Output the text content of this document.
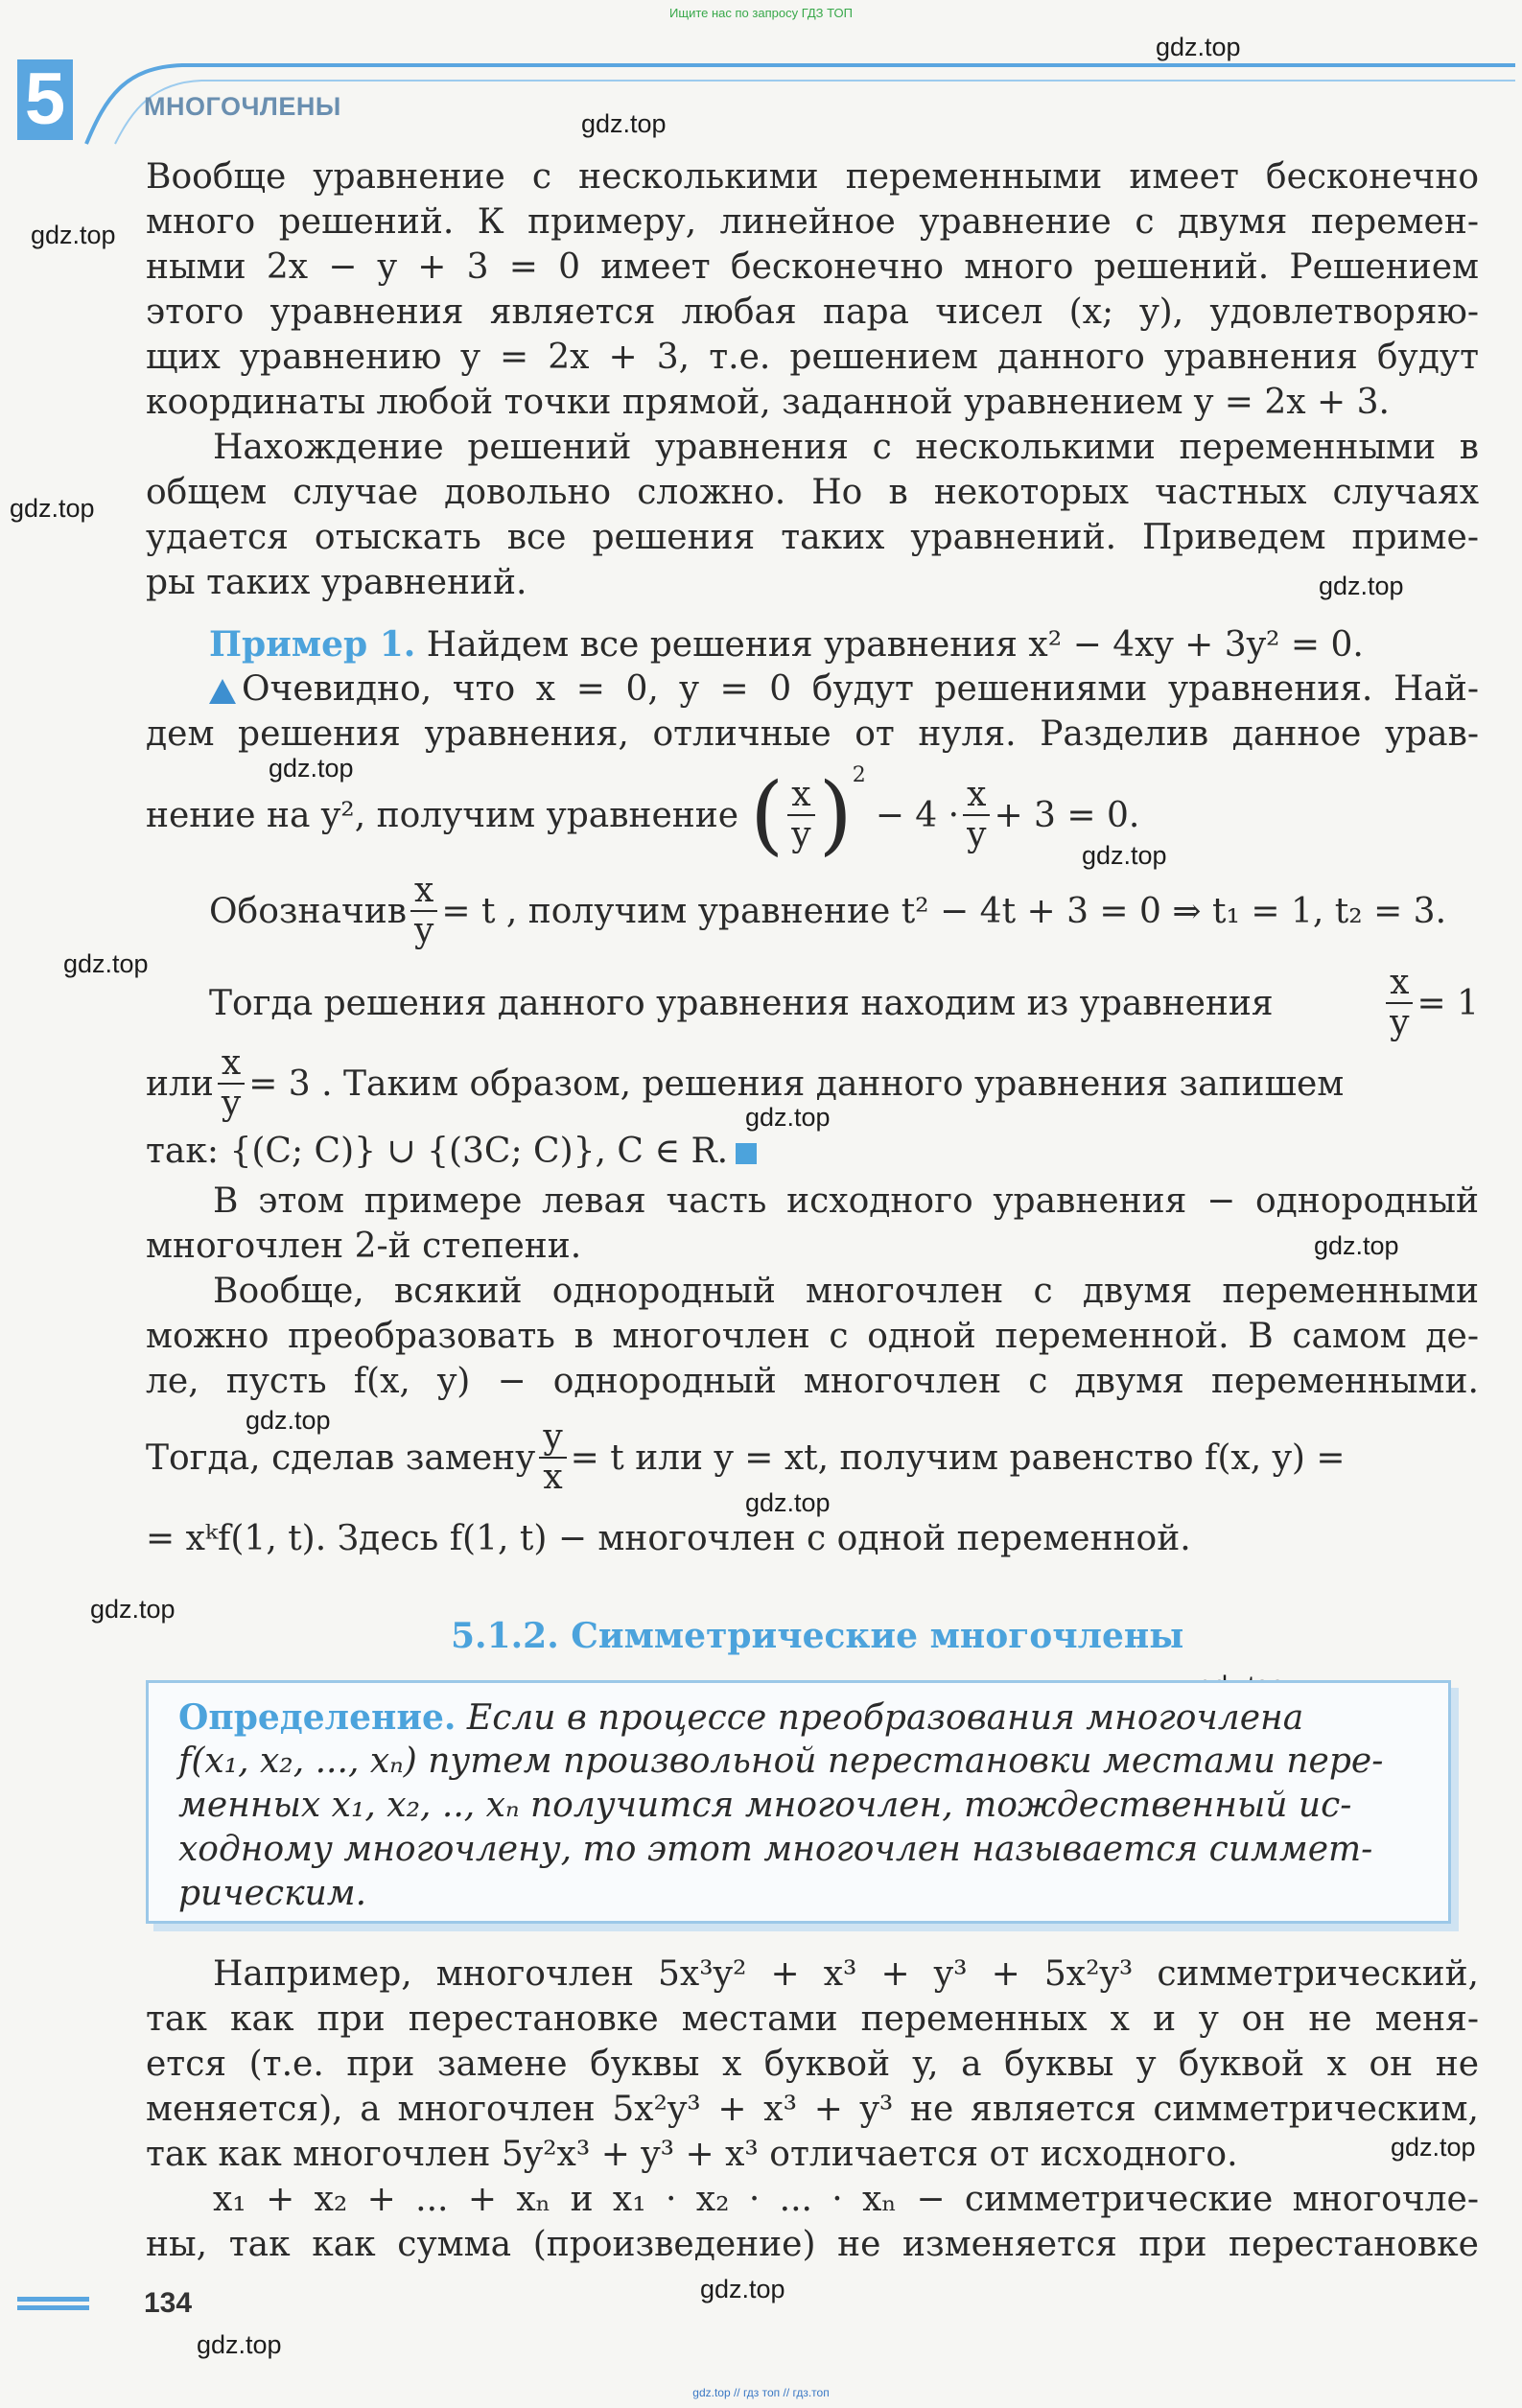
Ищите нас по запросу ГДЗ ТОП
5	МНОГОЧЛЕНЫ
gdz.top
gdz.top
gdz.top
gdz.top
gdz.top
gdz.top
gdz.top
gdz.top
gdz.top
gdz.top
gdz.top
gdz.top
gdz.top
gdz.top
gdz.top
gdz.top
Вообще уравнение с несколькими переменными имеет бесконечно
много решений. К примеру, линейное уравнение с двумя перемен-
ными 2x − y + 3 = 0 имеет бесконечно много решений. Решением
этого уравнения является любая пара чисел (x; y), удовлетворяю-
щих уравнению y = 2x + 3, т.е. решением данного уравнения будут
координаты любой точки прямой, заданной уравнением y = 2x + 3.
Нахождение решений уравнения с несколькими переменными в
общем случае довольно сложно. Но в некоторых частных случаях
удается отыскать все решения таких уравнений. Приведем приме-
ры таких уравнений.
Пример 1. Найдем все решения уравнения x² − 4xy + 3y² = 0.
Очевидно, что x = 0, y = 0 будут решениями уравнения. Най-
дем решения уравнения, отличные от нуля. Разделив данное урав-
нение на y², получим уравнение ( $\frac{x}{y} )^2$
− $4 \cdot \frac{x}{y} + 3 = 0$.
Обозначив $\frac{x}{y} = t$ , получим уравнение t² − 4t + 3 = 0 ⇒ t₁ = 1, t₂ = 3.
Тогда решения данного уравнения находим из уравнения	$\frac{x}{y} = 1$
или $\frac{x}{y} = 3$ . Таким образом, решения данного уравнения запишем
так: {(C; C)} ∪ {(3C; C)}, C ∈ R.
В этом примере левая часть исходного уравнения − однородный
многочлен 2-й степени.
Вообще, всякий однородный многочлен с двумя переменными
можно преобразовать в многочлен с одной переменной. В самом де-
ле, пусть f(x, y) − однородный многочлен с двумя переменными.
Тогда, сделав замену $\frac{y}{x} = t$ или y = xt, получим равенство f(x, y) =
= xᵏf(1, t). Здесь f(1, t) − многочлен с одной переменной.
5.1.2. Симметрические многочлены
Определение. Если в процессе преобразования многочлена
f(x₁, x₂, ..., xₙ) путем произвольной перестановки местами пере-
менных x₁, x₂, .., xₙ получится многочлен, тождественный ис-
ходному многочлену, то этот многочлен называется симмет-
рическим.
Например, многочлен 5x³y² + x³ + y³ + 5x²y³ симметрический,
так как при перестановке местами переменных x и y он не меня-
ется (т.е. при замене буквы x буквой y, а буквы y буквой x он не
меняется), а многочлен 5x²y³ + x³ + y³ не является симметрическим,
так как многочлен 5y²x³ + y³ + x³ отличается от исходного.
x₁ + x₂ + ... + xₙ и x₁ · x₂ · ... · xₙ − симметрические многочле-
ны, так как сумма (произведение) не изменяется при перестановке
134
gdz.top // гдз топ // гдз.топ
